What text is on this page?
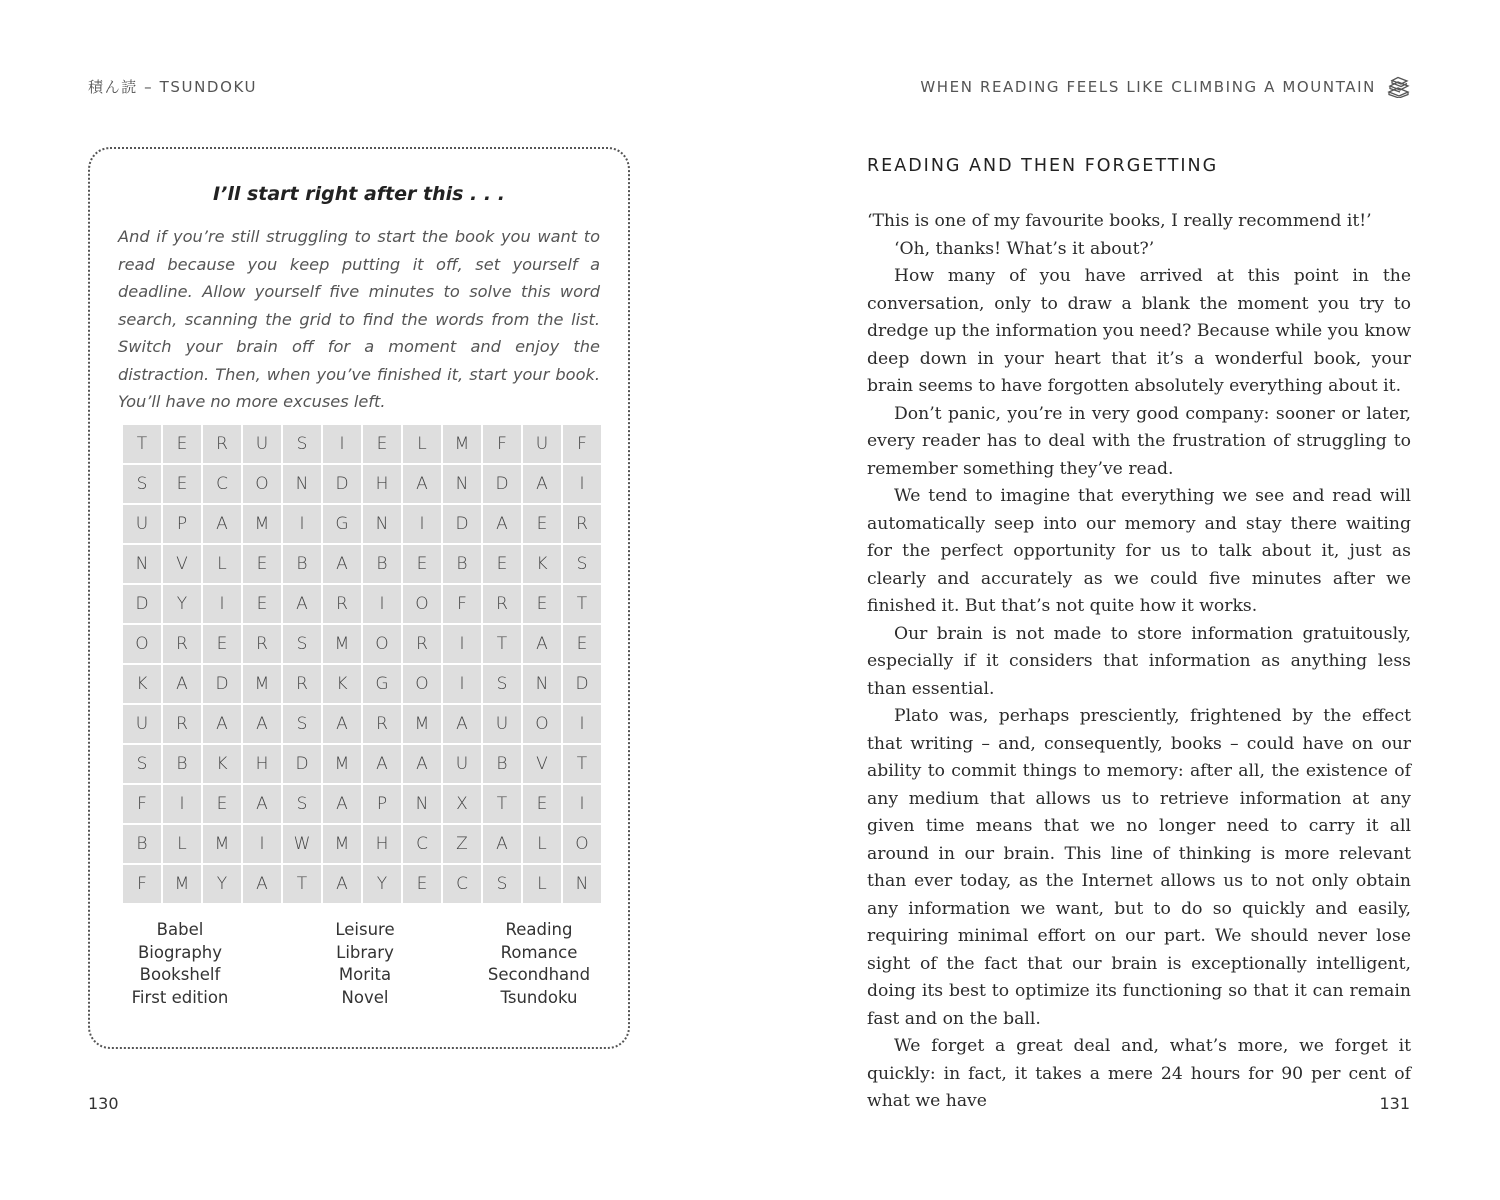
積ん読 – TSUNDOKU
I’ll start right after this . . .
And if you’re still struggling to start the book you want to read because you keep putting it off, set yourself a deadline. Allow yourself five minutes to solve this word search, scanning the grid to find the words from the list. Switch your brain off for a moment and enjoy the distraction. Then, when you’ve finished it, start your book. You’ll have no more excuses left.
T	E	R	U	S	I	E	L	M	F	U	F
S	E	C	O	N	D	H	A	N	D	A	I
U	P	A	M	I	G	N	I	D	A	E	R
N	V	L	E	B	A	B	E	B	E	K	S
D	Y	I	E	A	R	I	O	F	R	E	T
O	R	E	R	S	M	O	R	I	T	A	E
K	A	D	M	R	K	G	O	I	S	N	D
U	R	A	A	S	A	R	M	A	U	O	I
S	B	K	H	D	M	A	A	U	B	V	T
F	I	E	A	S	A	P	N	X	T	E	I
B	L	M	I	W	M	H	C	Z	A	L	O
F	M	Y	A	T	A	Y	E	C	S	L	N
Babel
Biography
Bookshelf
First edition
Leisure
Library
Morita
Novel
Reading
Romance
Secondhand
Tsundoku
130
WHEN READING FEELS LIKE CLIMBING A MOUNTAIN
READING AND THEN FORGETTING

‘This is one of my favourite books, I really recommend it!’

‘Oh, thanks! What’s it about?’

How many of you have arrived at this point in the conversation, only to draw a blank the moment you try to dredge up the information you need? Because while you know deep down in your heart that it’s a wonderful book, your brain seems to have forgotten absolutely everything about it.

Don’t panic, you’re in very good company: sooner or later, every reader has to deal with the frustration of struggling to remember something they’ve read.

We tend to imagine that everything we see and read will automatically seep into our memory and stay there waiting for the perfect opportunity for us to talk about it, just as clearly and accurately as we could five minutes after we finished it. But that’s not quite how it works.

Our brain is not made to store information gratuitously, especially if it considers that information as anything less than essential.

Plato was, perhaps presciently, frightened by the effect that writing – and, consequently, books – could have on our ability to commit things to memory: after all, the existence of any medium that allows us to retrieve information at any given time means that we no longer need to carry it all around in our brain. This line of thinking is more relevant than ever today, as the Internet allows us to not only obtain any information we want, but to do so quickly and easily, requiring minimal effort on our part. We should never lose sight of the fact that our brain is exceptionally intelligent, doing its best to optimize its functioning so that it can remain fast and on the ball.

We forget a great deal and, what’s more, we forget it quickly: in fact, it takes a mere 24 hours for 90 per cent of what we have	131
